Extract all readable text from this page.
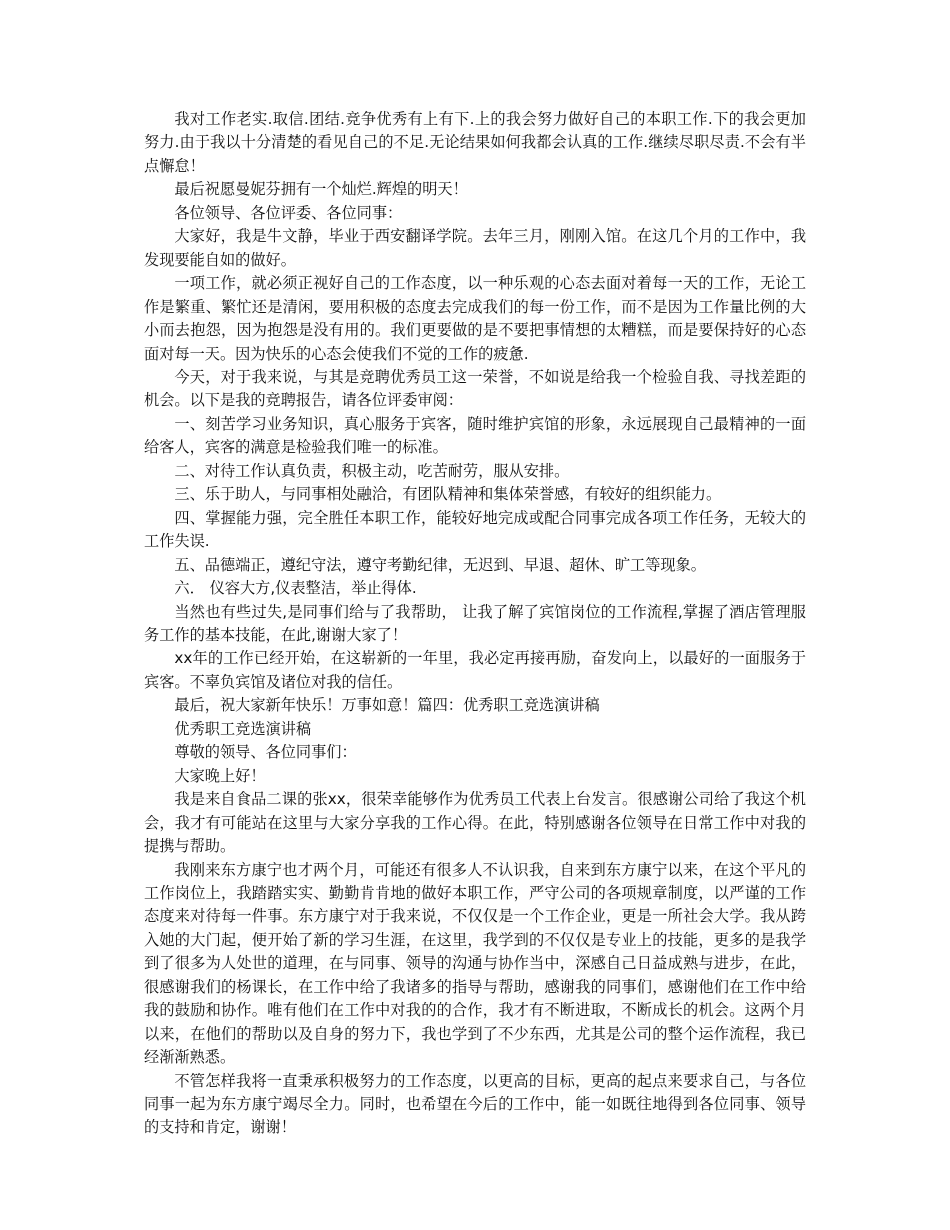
我对工作老实.取信.团结.竞争优秀有上有下.上的我会努力做好自己的本职工作.下的我会更加努力.由于我以十分清楚的看见自己的不足.无论结果如何我都会认真的工作.继续尽职尽责.不会有半点懈怠！

最后祝愿曼妮芬拥有一个灿烂.辉煌的明天！

各位领导、各位评委、各位同事：

大家好，我是牛文静，毕业于西安翻译学院。去年三月，刚刚入馆。在这几个月的工作中，我发现要能自如的做好。

一项工作，就必须正视好自己的工作态度，以一种乐观的心态去面对着每一天的工作，无论工作是繁重、繁忙还是清闲，要用积极的态度去完成我们的每一份工作，而不是因为工作量比例的大小而去抱怨，因为抱怨是没有用的。我们更要做的是不要把事情想的太糟糕，而是要保持好的心态面对每一天。因为快乐的心态会使我们不觉的工作的疲惫.

今天，对于我来说，与其是竞聘优秀员工这一荣誉，不如说是给我一个检验自我、寻找差距的机会。以下是我的竞聘报告，请各位评委审阅：

一、刻苦学习业务知识，真心服务于宾客，随时维护宾馆的形象，永远展现自己最精神的一面给客人，宾客的满意是检验我们唯一的标准。

二、对待工作认真负责，积极主动，吃苦耐劳，服从安排。

三、乐于助人，与同事相处融洽，有团队精神和集体荣誉感，有较好的组织能力。

四、掌握能力强，完全胜任本职工作，能较好地完成或配合同事完成各项工作任务，无较大的工作失误.

五、品德端正，遵纪守法，遵守考勤纪律，无迟到、早退、超休、旷工等现象。

六． 仪容大方,仪表整洁，举止得体.

当然也有些过失,是同事们给与了我帮助， 让我了解了宾馆岗位的工作流程,掌握了酒店管理服务工作的基本技能，在此,谢谢大家了！

xx年的工作已经开始，在这崭新的一年里，我必定再接再励，奋发向上，以最好的一面服务于宾客。不辜负宾馆及诸位对我的信任。

最后，祝大家新年快乐！万事如意！篇四：优秀职工竞选演讲稿

优秀职工竞选演讲稿

尊敬的领导、各位同事们：

大家晚上好！

我是来自食品二课的张xx，很荣幸能够作为优秀员工代表上台发言。很感谢公司给了我这个机会，我才有可能站在这里与大家分享我的工作心得。在此，特别感谢各位领导在日常工作中对我的提携与帮助。

我刚来东方康宁也才两个月，可能还有很多人不认识我，自来到东方康宁以来，在这个平凡的工作岗位上，我踏踏实实、勤勤肯肯地的做好本职工作，严守公司的各项规章制度，以严谨的工作态度来对待每一件事。东方康宁对于我来说，不仅仅是一个工作企业，更是一所社会大学。我从跨入她的大门起，便开始了新的学习生涯，在这里，我学到的不仅仅是专业上的技能，更多的是我学到了很多为人处世的道理，在与同事、领导的沟通与协作当中，深感自己日益成熟与进步，在此，很感谢我们的杨课长，在工作中给了我诸多的指导与帮助，感谢我的同事们，感谢他们在工作中给我的鼓励和协作。唯有他们在工作中对我的的合作，我才有不断进取，不断成长的机会。这两个月以来，在他们的帮助以及自身的努力下，我也学到了不少东西，尤其是公司的整个运作流程，我已经渐渐熟悉。

不管怎样我将一直秉承积极努力的工作态度，以更高的目标，更高的起点来要求自己，与各位同事一起为东方康宁竭尽全力。同时，也希望在今后的工作中，能一如既往地得到各位同事、领导的支持和肯定，谢谢！
